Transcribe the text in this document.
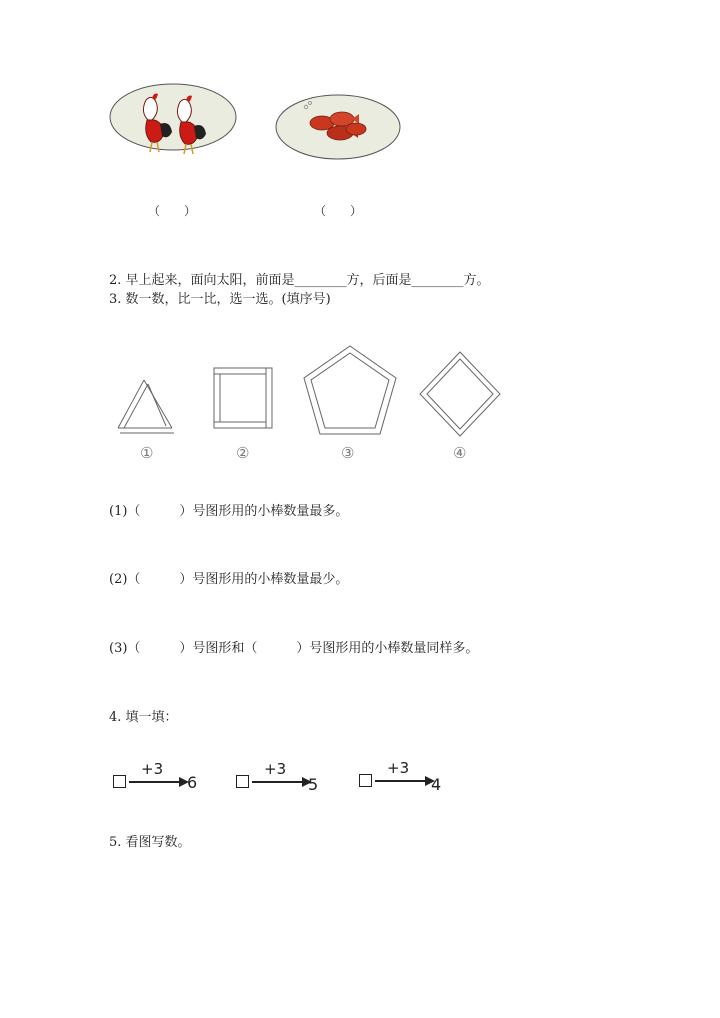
（　　）	（　　）
2. 早上起来，面向太阳，前面是________方，后面是________方。
3. 数一数，比一比，选一选。(填序号)
①	②	③	④
(1)（　　　）号图形用的小棒数量最多。
(2)（　　　）号图形用的小棒数量最少。
(3)（　　　）号图形和（　　　）号图形用的小棒数量同样多。
4. 填一填：
+3
6
+3
5
+3
4
5. 看图写数。
